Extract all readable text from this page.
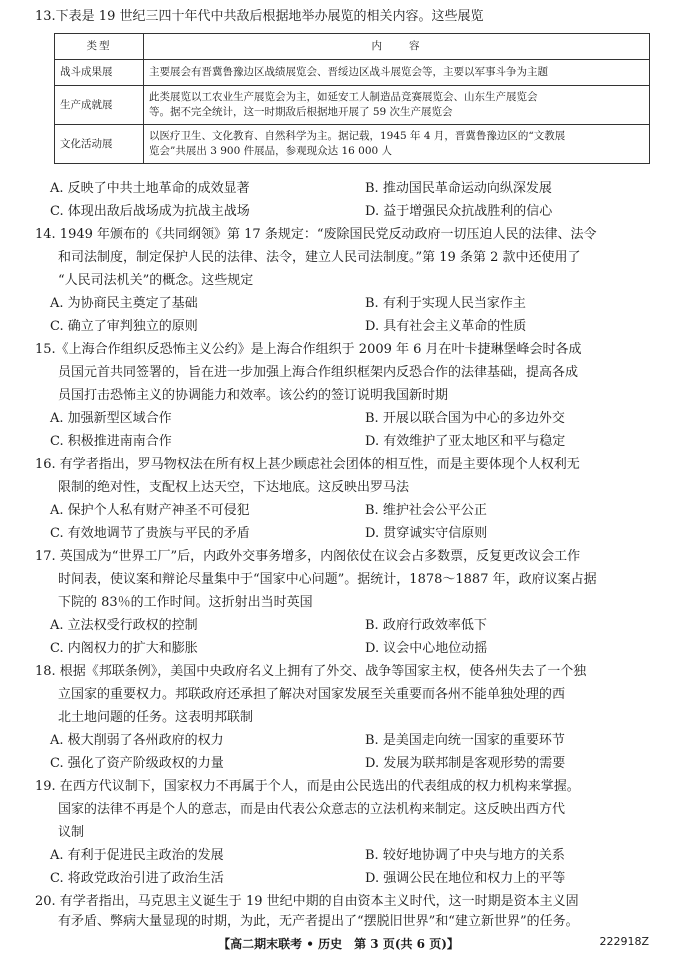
13.下表是 19 世纪三四十年代中共敌后根据地举办展览的相关内容。这些展览
类型	内　　容
战斗成果展	主要展会有晋冀鲁豫边区战绩展览会、晋绥边区战斗展览会等，主要以军事斗争为主题

生产成就展	此类展览以工农业生产展览会为主，如延安工人制造品竞赛展览会、山东生产展览会
等。据不完全统计，这一时期敌后根据地开展了 59 次生产展览会

文化活动展	以医疗卫生、文化教育、自然科学为主。据记载，1945 年 4 月，晋冀鲁豫边区的“文教展
览会”共展出 3 900 件展品，参观现众达 16 000 人
A. 反映了中共土地革命的成效显著	B. 推动国民革命运动向纵深发展
C. 体现出敌后战场成为抗战主战场	D. 益于增强民众抗战胜利的信心
14. 1949 年颁布的《共同纲领》第 17 条规定：“废除国民党反动政府一切压迫人民的法律、法令
和司法制度，制定保护人民的法律、法令，建立人民司法制度。”第 19 条第 2 款中还使用了
“人民司法机关”的概念。这些规定
A. 为协商民主奠定了基础	B. 有利于实现人民当家作主
C. 确立了审判独立的原则	D. 具有社会主义革命的性质
15.《上海合作组织反恐怖主义公约》是上海合作组织于 2009 年 6 月在叶卡捷琳堡峰会时各成
员国元首共同签署的，旨在进一步加强上海合作组织框架内反恐合作的法律基础，提高各成
员国打击恐怖主义的协调能力和效率。该公约的签订说明我国新时期
A. 加强新型区域合作	B. 开展以联合国为中心的多边外交
C. 积极推进南南合作	D. 有效维护了亚太地区和平与稳定
16. 有学者指出，罗马物权法在所有权上甚少顾虑社会团体的相互性，而是主要体现个人权利无
限制的绝对性，支配权上达天空，下达地底。这反映出罗马法
A. 保护个人私有财产神圣不可侵犯	B. 维护社会公平公正
C. 有效地调节了贵族与平民的矛盾	D. 贯穿诚实守信原则
17. 英国成为“世界工厂”后，内政外交事务增多，内阁依仗在议会占多数票，反复更改议会工作
时间表，使议案和辩论尽量集中于“国家中心问题”。据统计，1878～1887 年，政府议案占据
下院的 83％的工作时间。这折射出当时英国
A. 立法权受行政权的控制	B. 政府行政效率低下
C. 内阁权力的扩大和膨胀	D. 议会中心地位动摇
18. 根据《邦联条例》，美国中央政府名义上拥有了外交、战争等国家主权，使各州失去了一个独
立国家的重要权力。邦联政府还承担了解决对国家发展至关重要而各州不能单独处理的西
北土地问题的任务。这表明邦联制
A. 极大削弱了各州政府的权力	B. 是美国走向统一国家的重要环节
C. 强化了资产阶级政权的力量	D. 发展为联邦制是客观形势的需要
19. 在西方代议制下，国家权力不再属于个人，而是由公民选出的代表组成的权力机构来掌握。
国家的法律不再是个人的意志，而是由代表公众意志的立法机构来制定。这反映出西方代
议制
A. 有利于促进民主政治的发展	B. 较好地协调了中央与地方的关系
C. 将政党政治引进了政治生活	D. 强调公民在地位和权力上的平等
20. 有学者指出，马克思主义诞生于 19 世纪中期的自由资本主义时代，这一时期是资本主义固
有矛盾、弊病大量显现的时期，为此，无产者提出了“摆脱旧世界”和“建立新世界”的任务。
【高二期末联考 • 历史　第 3 页(共 6 页)】	222918Z
